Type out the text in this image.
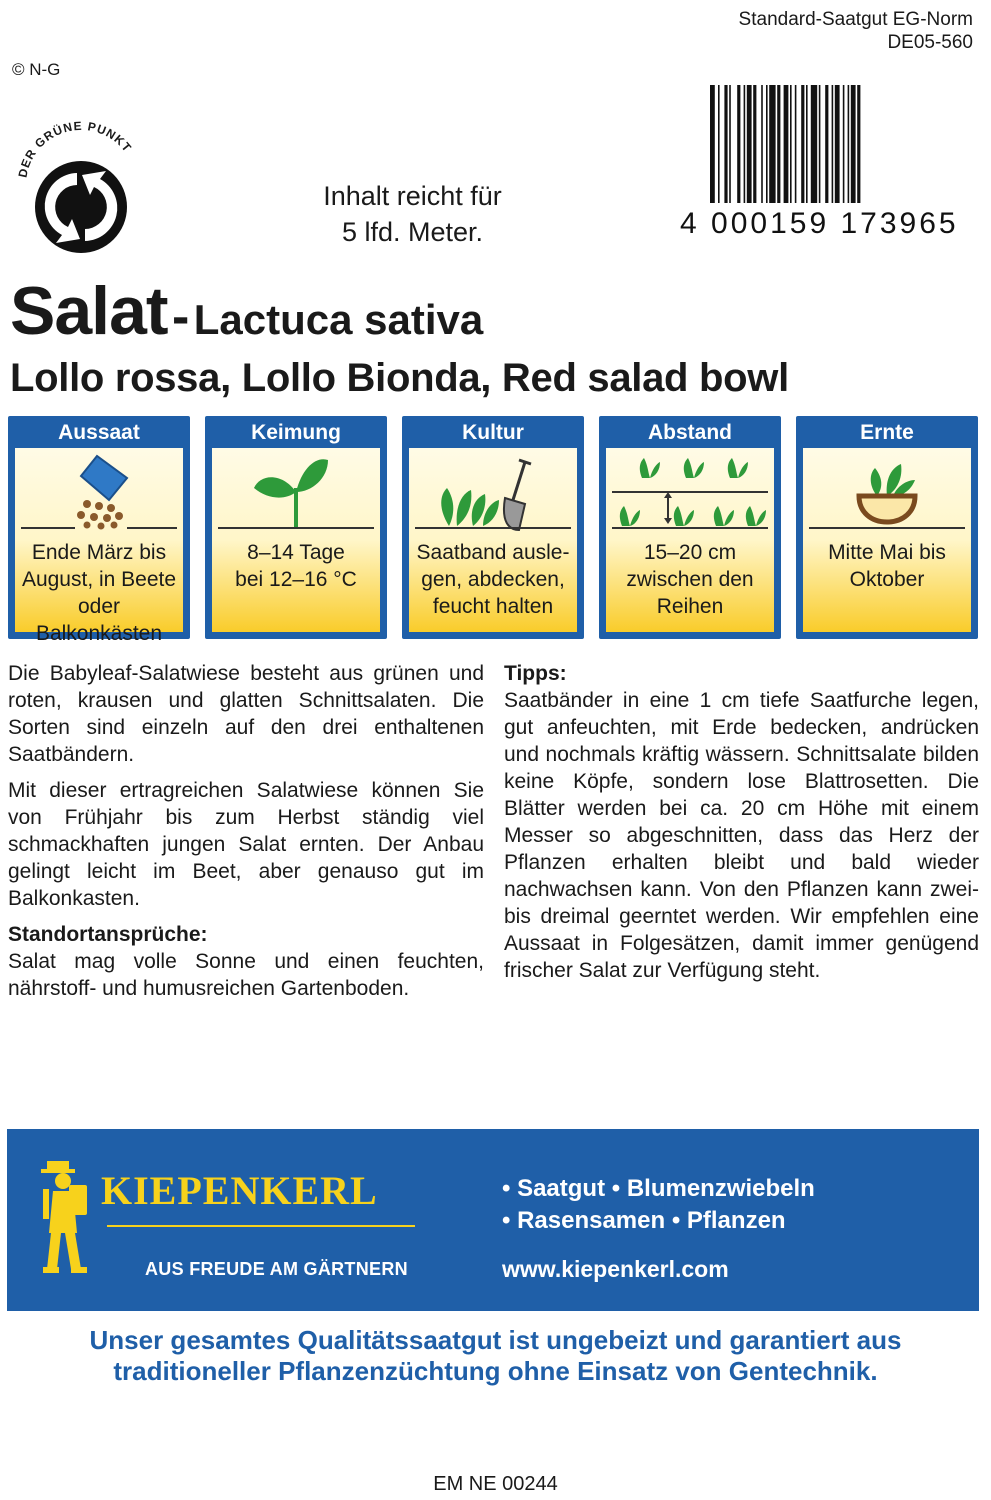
Standard-Saatgut EG-Norm
DE05-560
© N-G
DER GRÜNE PUNKT
Inhalt reicht für
5 lfd. Meter.	4 000159 173965
Salat - Lactuca sativa
Lollo rossa, Lollo Bionda, Red salad bowl
Aussaat
Ende März bis
August, in Beete
oder Balkonkästen
Keimung
8–14 Tage
bei 12–16 °C
Kultur
Saatband ausle-
gen, abdecken,
feucht halten
Abstand
15–20 cm
zwischen den
Reihen
Ernte
Mitte Mai bis
Oktober

Die Babyleaf-Salatwiese besteht aus grünen und roten, krausen und glatten Schnittsalaten. Die Sorten sind einzeln auf den drei enthaltenen Saatbändern.

Mit dieser ertragreichen Salatwiese können Sie von Frühjahr bis zum Herbst ständig viel schmackhaften jungen Salat ernten. Der Anbau gelingt leicht im Beet, aber genauso gut im Balkonkasten.

Standortansprüche:

Salat mag volle Sonne und einen feuchten, nährstoff- und humusreichen Gartenboden.

Tipps:

Saatbänder in eine 1 cm tiefe Saatfurche legen, gut anfeuchten, mit Erde bedecken, andrücken und nochmals kräftig wässern. Schnittsalate bilden keine Köpfe, sondern lose Blattrosetten. Die Blätter werden bei ca. 20 cm Höhe mit einem Messer so abgeschnitten, dass das Herz der Pflanzen erhalten bleibt und bald wieder nachwachsen kann. Von den Pflanzen kann zwei- bis dreimal geerntet werden. Wir empfehlen eine Aussaat in Folgesätzen, damit immer genügend frischer Salat zur Verfügung steht.

KIEPENKERL
AUS FREUDE AM GÄRTNERN
• Saatgut • Blumenzwiebeln
• Rasensamen • Pflanzen
www.kiepenkerl.com
Unser gesamtes Qualitätssaatgut ist ungebeizt und garantiert aus
traditioneller Pflanzenzüchtung ohne Einsatz von Gentechnik.
EM NE 00244
